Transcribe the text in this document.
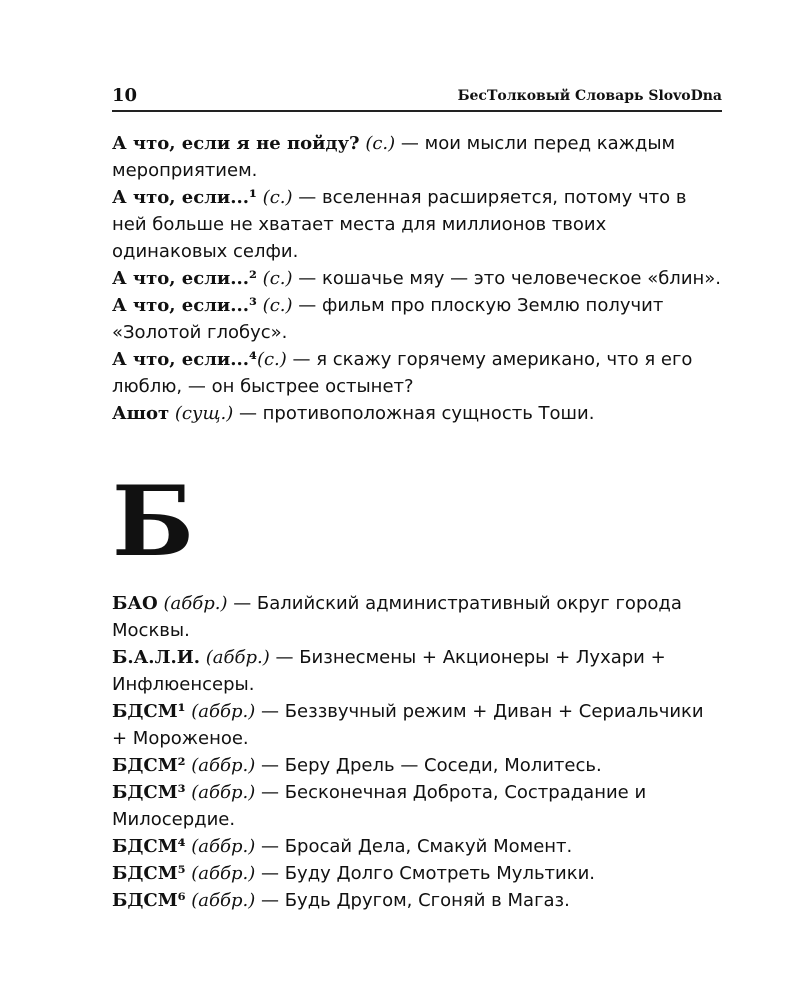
10	БесТолковый Словарь SlovoDna

А что, если я не пойду? (с.) — мои мысли перед каждым мероприятием.

А что, если...¹ (с.) — вселенная расширяется, потому что в ней больше не хватает места для миллионов твоих одинаковых селфи.

А что, если...² (с.) — кошачье мяу — это человеческое «блин».

А что, если...³ (с.) — фильм про плоскую Землю получит «Золотой глобус».

А что, если...⁴(с.) — я скажу горячему американо, что я его люблю, — он быстрее остынет?

Ашот (сущ.) — противоположная сущность Тоши.

Б

БАО (аббр.) — Балийский административный округ города Москвы.

Б.А.Л.И. (аббр.) — Бизнесмены + Акционеры + Лухари + Инфлюенсеры.

БДСМ¹ (аббр.) — Беззвучный режим + Диван + Сериальчики + Мороженое.

БДСМ² (аббр.) — Беру Дрель — Соседи, Молитесь.

БДСМ³ (аббр.) — Бесконечная Доброта, Сострадание и Милосердие.

БДСМ⁴ (аббр.) — Бросай Дела, Смакуй Момент.

БДСМ⁵ (аббр.) — Буду Долго Смотреть Мультики.

БДСМ⁶ (аббр.) — Будь Другом, Сгоняй в Магаз.
